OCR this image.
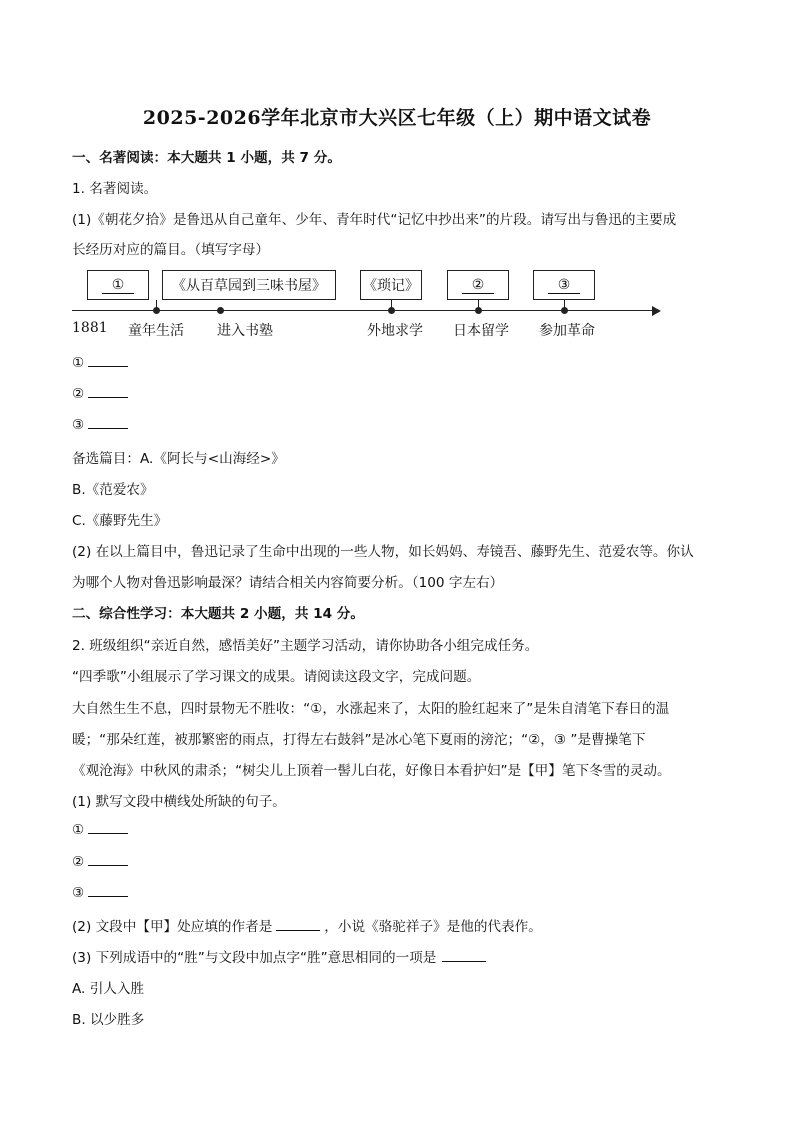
2025-2026学年北京市大兴区七年级（上）期中语文试卷
一、名著阅读：本大题共 1 小题，共 7 分。
1. 名著阅读。
(1)《朝花夕拾》是鲁迅从自己童年、少年、青年时代“记忆中抄出来”的片段。请写出与鲁迅的主要成
长经历对应的篇目。（填写字母）
①	《从百草园到三味书屋》	《琐记》	②	③
1881 童年生活 进入书塾	外地求学 日本留学 参加革命
①
②
③
备选篇目：A.《阿长与<山海经>》
B.《范爱农》
C.《藤野先生》
(2) 在以上篇目中，鲁迅记录了生命中出现的一些人物，如长妈妈、寿镜吾、藤野先生、范爱农等。你认
为哪个人物对鲁迅影响最深？请结合相关内容简要分析。（100 字左右）
二、综合性学习：本大题共 2 小题，共 14 分。
2. 班级组织“亲近自然，感悟美好”主题学习活动，请你协助各小组完成任务。
“四季歌”小组展示了学习课文的成果。请阅读这段文字，完成问题。
大自然生生不息，四时景物无不胜收：“①，水涨起来了，太阳的脸红起来了”是朱自清笔下春日的温
暖；“那朵红莲，被那繁密的雨点，打得左右鼓斜”是冰心笔下夏雨的滂沱；“②，③ ”是曹操笔下
《观沧海》中秋风的肃杀；“树尖儿上顶着一髻儿白花，好像日本看护妇”是【甲】笔下冬雪的灵动。
(1) 默写文段中横线处所缺的句子。
①
②
③
(2) 文段中【甲】处应填的作者是	，小说《骆驼祥子》是他的代表作。
(3) 下列成语中的“胜”与文段中加点字“胜”意思相同的一项是
A. 引人入胜
B. 以少胜多
